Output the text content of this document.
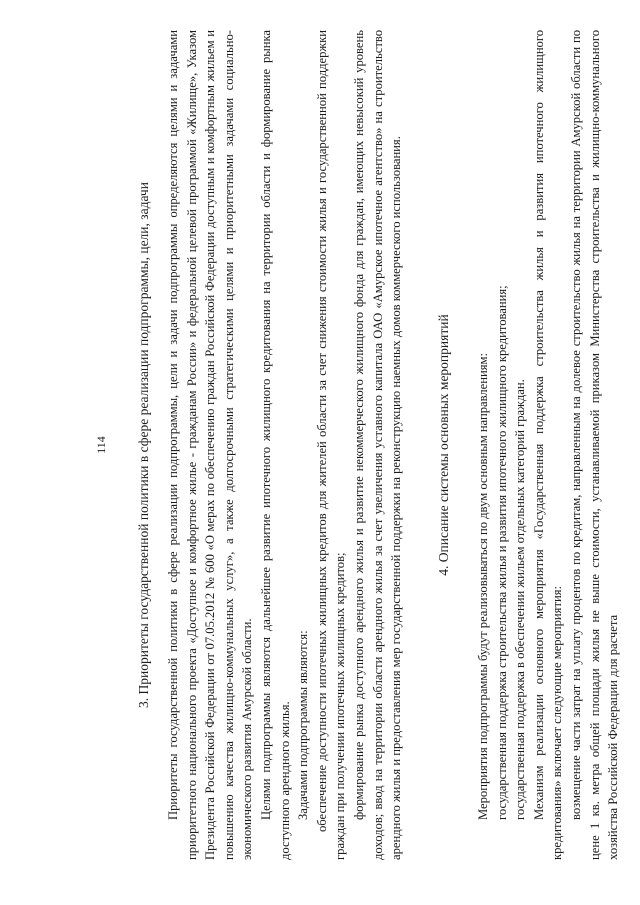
114 3. Приоритеты государственной политики в сфере реализации подпрограммы, цели, задачи Приоритеты государственной политики в сфере реализации подпрограммы, цели и задачи подпрограммы определяются целями и задачами приоритетного национального проекта «Доступное и комфортное жилье - гражданам России» и федеральной целевой программой «Жилище», Указом Президента Российской Федерации от 07.05.2012 № 600 «О мерах по обеспечению граждан Российской Федерации доступным и комфортным жильем и повышению качества жилищно-коммунальных услуг», а также долгосрочными стратегическими целями и приоритетными задачами социально-экономического развития Амурской области. Целями подпрограммы являются дальнейшее развитие ипотечного жилищного кредитования на территории области и формирование рынка доступного арендного жилья. Задачами подпрограммы являются: обеспечение доступности ипотечных жилищных кредитов для жителей области за счет снижения стоимости жилья и государственной поддержки граждан при получении ипотечных жилищных кредитов; формирование рынка доступного арендного жилья и развитие некоммерческого жилищного фонда для граждан, имеющих невысокий уровень доходов; ввод на территории области арендного жилья за счет увеличения уставного капитала ОАО «Амурское ипотечное агентство» на строительство арендного жилья и предоставления мер государственной поддержки на реконструкцию наемных домов коммерческого использования. 4. Описание системы основных мероприятий Мероприятия подпрограммы будут реализовываться по двум основным направлениям: государственная поддержка строительства жилья и развития ипотечного жилищного кредитования; государственная поддержка в обеспечении жильем отдельных категорий граждан. Механизм реализации основного мероприятия «Государственная поддержка строительства жилья и развития ипотечного жилищного кредитования» включает следующие мероприятия: возмещение части затрат на уплату процентов по кредитам, направленным на долевое строительство жилья на территории Амурской области по цене 1 кв. метра общей площади жилья не выше стоимости, устанавливаемой приказом Министерства строительства и жилищно-коммунального хозяйства Российской Федерации для расчета
